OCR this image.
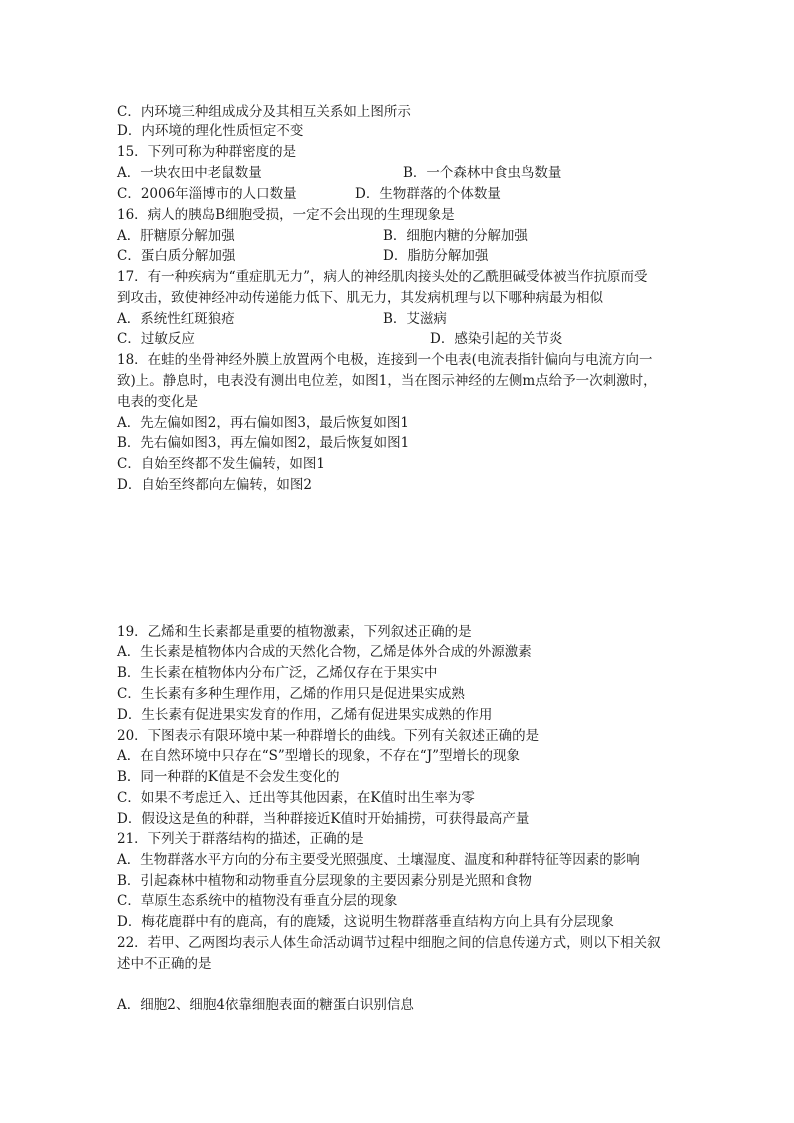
C．内环境三种组成成分及其相互关系如上图所示
D．内环境的理化性质恒定不变
15．下列可称为种群密度的是
A．一块农田中老鼠数量	B．一个森林中食虫鸟数量
C．2006年淄博市的人口数量	D．生物群落的个体数量
16．病人的胰岛B细胞受损，一定不会出现的生理现象是
A．肝糖原分解加强	B．细胞内糖的分解加强
C．蛋白质分解加强	D．脂肪分解加强
17．有一种疾病为“重症肌无力”，病人的神经肌肉接头处的乙酰胆碱受体被当作抗原而受
到攻击，致使神经冲动传递能力低下、肌无力，其发病机理与以下哪种病最为相似
A．系统性红斑狼疮	B．艾滋病
C．过敏反应	D．感染引起的关节炎
18．在蛙的坐骨神经外膜上放置两个电极，连接到一个电表(电流表指针偏向与电流方向一
致)上。静息时，电表没有测出电位差，如图1，当在图示神经的左侧m点给予一次刺激时，
电表的变化是
A．先左偏如图2，再右偏如图3，最后恢复如图1
B．先右偏如图3，再左偏如图2，最后恢复如图1
C．自始至终都不发生偏转，如图1
D．自始至终都向左偏转，如图2
19．乙烯和生长素都是重要的植物激素，下列叙述正确的是
A．生长素是植物体内合成的天然化合物，乙烯是体外合成的外源激素
B．生长素在植物体内分布广泛，乙烯仅存在于果实中
C．生长素有多种生理作用，乙烯的作用只是促进果实成熟
D．生长素有促进果实发育的作用，乙烯有促进果实成熟的作用
20．下图表示有限环境中某一种群增长的曲线。下列有关叙述正确的是
A．在自然环境中只存在“S”型增长的现象，不存在“J”型增长的现象
B．同一种群的K值是不会发生变化的
C．如果不考虑迁入、迁出等其他因素，在K值时出生率为零
D．假设这是鱼的种群，当种群接近K值时开始捕捞，可获得最高产量
21．下列关于群落结构的描述，正确的是
A．生物群落水平方向的分布主要受光照强度、土壤湿度、温度和种群特征等因素的影响
B．引起森林中植物和动物垂直分层现象的主要因素分别是光照和食物
C．草原生态系统中的植物没有垂直分层的现象
D．梅花鹿群中有的鹿高，有的鹿矮，这说明生物群落垂直结构方向上具有分层现象
22．若甲、乙两图均表示人体生命活动调节过程中细胞之间的信息传递方式，则以下相关叙
述中不正确的是
A．细胞2、细胞4依靠细胞表面的糖蛋白识别信息
